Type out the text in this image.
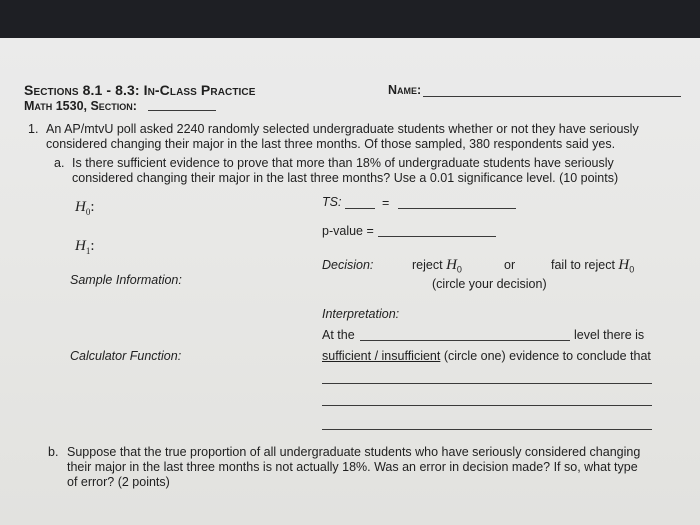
Sections 8.1 - 8.3: In-Class Practice	Name:
Math 1530, Section:
1. An AP/mtvU poll asked 2240 randomly selected undergraduate students whether or not they have seriously
considered changing their major in the last three months. Of those sampled, 380 respondents said yes.
a. Is there sufficient evidence to prove that more than 18% of undergraduate students have seriously
considered changing their major in the last three months? Use a 0.01 significance level. (10 points)
$H_0$:
$H_1$:
TS:	=
p-value =
Decision:	reject $H_0$	or	fail to reject $H_0$
(circle your decision)
Sample Information:
Calculator Function:
Interpretation:
At the	level there is
sufficient / insufficient (circle one) evidence to conclude that
b. Suppose that the true proportion of all undergraduate students who have seriously considered changing
their major in the last three months is not actually 18%. Was an error in decision made? If so, what type
of error? (2 points)
